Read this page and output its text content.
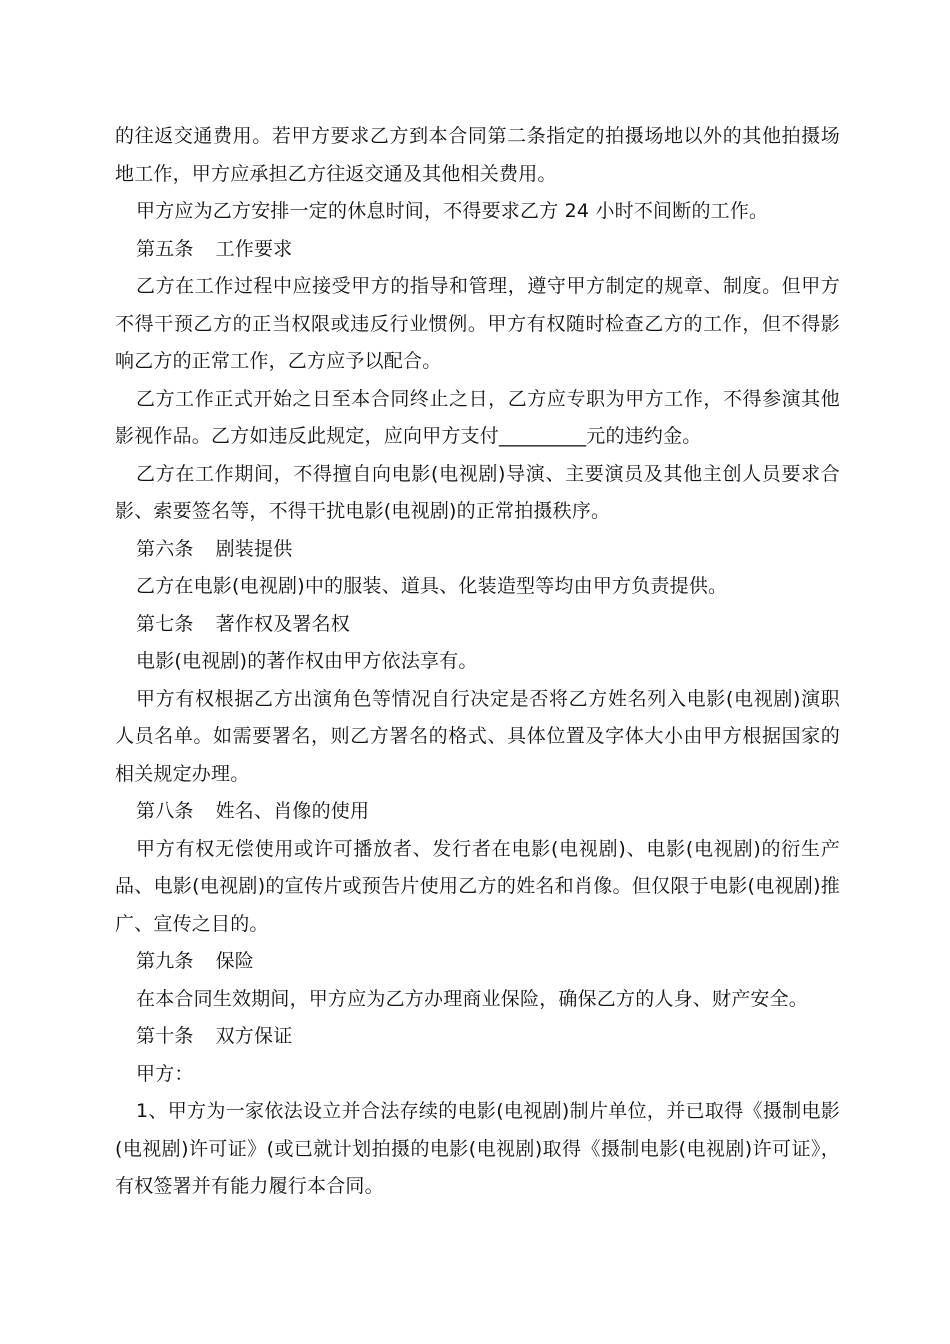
的往返交通费用。若甲方要求乙方到本合同第二条指定的拍摄场地以外的其他拍摄场地工作，甲方应承担乙方往返交通及其他相关费用。

甲方应为乙方安排一定的休息时间，不得要求乙方 24 小时不间断的工作。

第五条 工作要求

乙方在工作过程中应接受甲方的指导和管理，遵守甲方制定的规章、制度。但甲方不得干预乙方的正当权限或违反行业惯例。甲方有权随时检查乙方的工作，但不得影响乙方的正常工作，乙方应予以配合。

乙方工作正式开始之日至本合同终止之日，乙方应专职为甲方工作，不得参演其他影视作品。乙方如违反此规定，应向甲方支付_________元的违约金。

乙方在工作期间，不得擅自向电影(电视剧)导演、主要演员及其他主创人员要求合影、索要签名等，不得干扰电影(电视剧)的正常拍摄秩序。

第六条 剧装提供

乙方在电影(电视剧)中的服装、道具、化装造型等均由甲方负责提供。

第七条 著作权及署名权

电影(电视剧)的著作权由甲方依法享有。

甲方有权根据乙方出演角色等情况自行决定是否将乙方姓名列入电影(电视剧)演职人员名单。如需要署名，则乙方署名的格式、具体位置及字体大小由甲方根据国家的相关规定办理。

第八条 姓名、肖像的使用

甲方有权无偿使用或许可播放者、发行者在电影(电视剧)、电影(电视剧)的衍生产品、电影(电视剧)的宣传片或预告片使用乙方的姓名和肖像。但仅限于电影(电视剧)推广、宣传之目的。

第九条 保险

在本合同生效期间，甲方应为乙方办理商业保险，确保乙方的人身、财产安全。

第十条 双方保证

甲方：

1、甲方为一家依法设立并合法存续的电影(电视剧)制片单位，并已取得《摄制电影(电视剧)许可证》(或已就计划拍摄的电影(电视剧)取得《摄制电影(电视剧)许可证》，有权签署并有能力履行本合同。
